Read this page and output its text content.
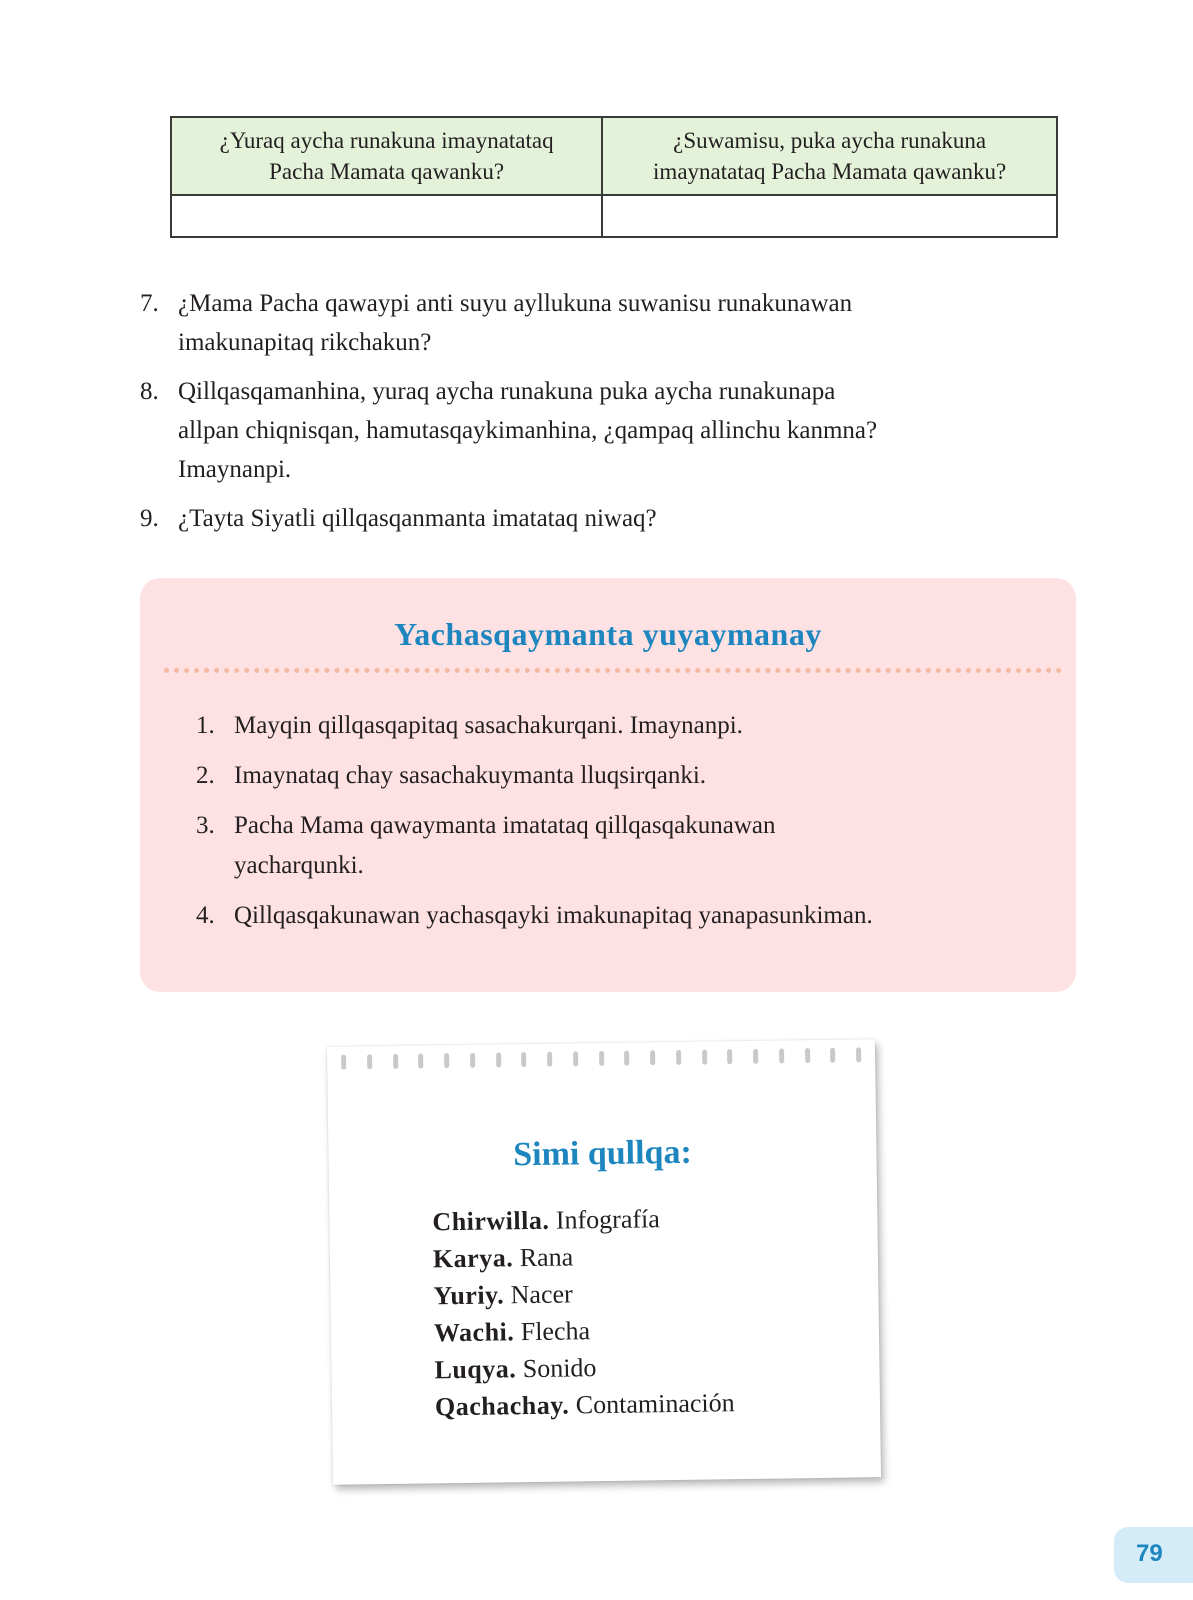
¿Yuraq aycha runakuna imaynatataq
Pacha Mamata qawanku?	¿Suwamisu, puka aycha runakuna
imaynatataq Pacha Mamata qawanku?

7. ¿Mama Pacha qawaypi anti suyu ayllukuna suwanisu runakunawan
imakunapitaq rikchakun?
8. Qillqasqamanhina, yuraq aycha runakuna puka aycha runakunapa
allpan chiqnisqan, hamutasqaykimanhina, ¿qampaq allinchu kanmna?
Imaynanpi.
9. ¿Tayta Siyatli qillqasqanmanta imatataq niwaq?
Yachasqaymanta yuyaymanay
1. Mayqin qillqasqapitaq sasachakurqani. Imaynanpi.
2. Imaynataq chay sasachakuymanta lluqsirqanki.
3. Pacha Mama qawaymanta imatataq qillqasqakunawan
yacharqunki.
4. Qillqasqakunawan yachasqayki imakunapitaq yanapasunkiman.
Simi qullqa:
Chirwilla. Infografía
Karya. Rana
Yuriy. Nacer
Wachi. Flecha
Luqya. Sonido
Qachachay. Contaminación
79
